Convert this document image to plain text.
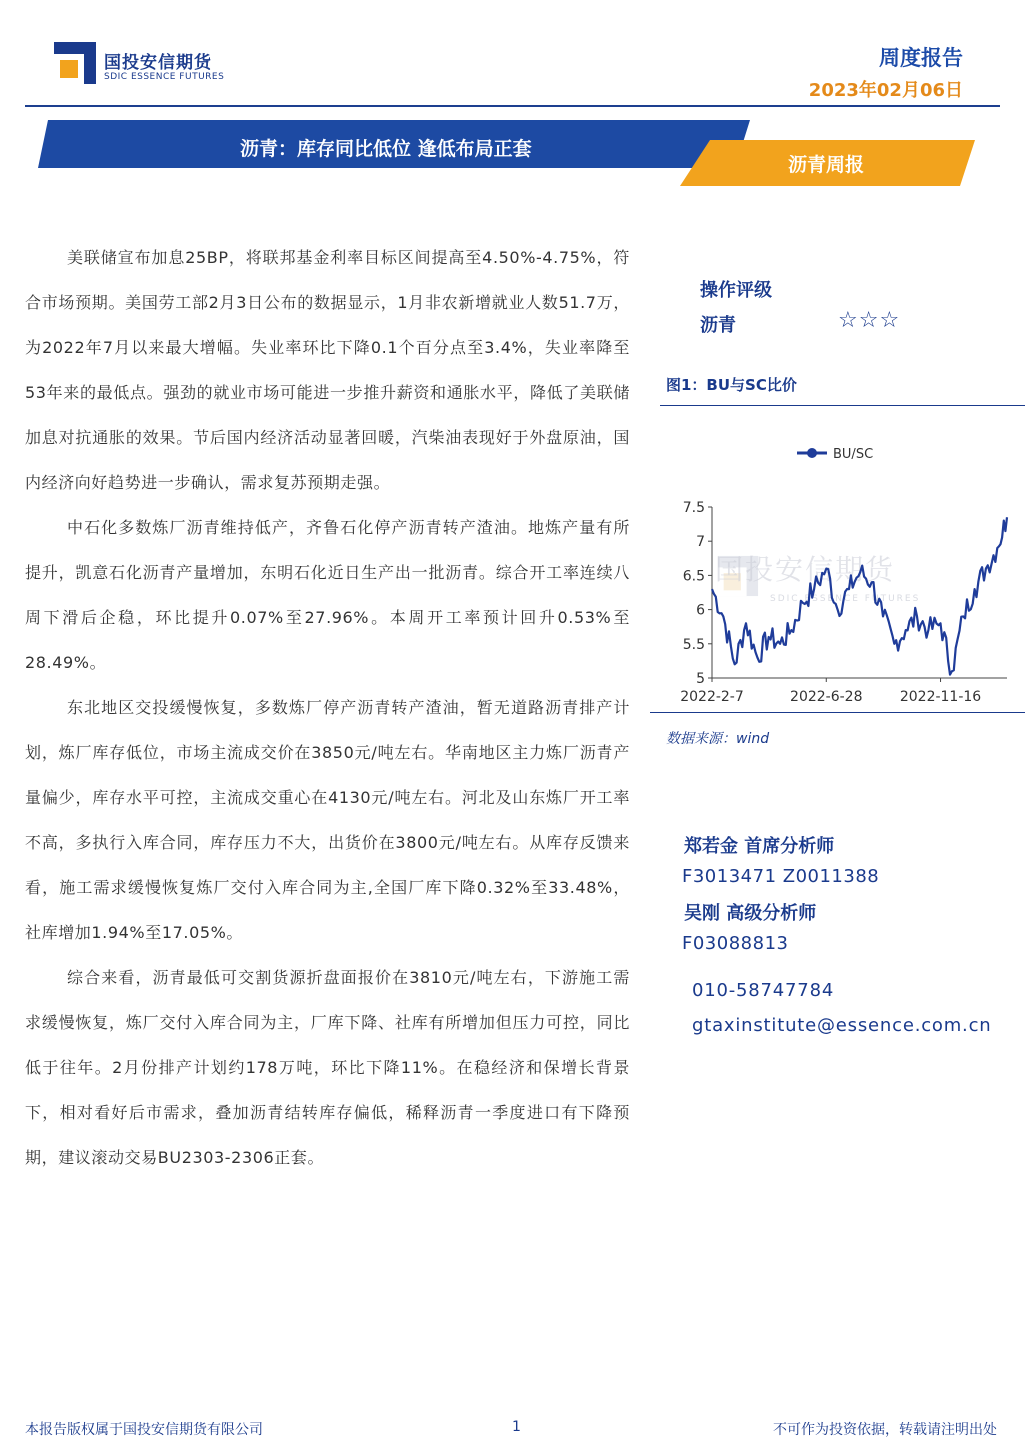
国投安信期货
SDIC ESSENCE FUTURES
周度报告
2023年02月06日
沥青：库存同比低位 逢低布局正套
沥青周报

美联储宣布加息25BP，将联邦基金利率目标区间提高至4.50%-4.75%，符合市场预期。美国劳工部2月3日公布的数据显示，1月非农新增就业人数51.7万，为2022年7月以来最大增幅。失业率环比下降0.1个百分点至3.4%，失业率降至53年来的最低点。强劲的就业市场可能进一步推升薪资和通胀水平，降低了美联储加息对抗通胀的效果。节后国内经济活动显著回暖，汽柴油表现好于外盘原油，国内经济向好趋势进一步确认，需求复苏预期走强。

中石化多数炼厂沥青维持低产，齐鲁石化停产沥青转产渣油。地炼产量有所提升，凯意石化沥青产量增加，东明石化近日生产出一批沥青。综合开工率连续八周下滑后企稳，环比提升0.07%至27.96%。本周开工率预计回升0.53%至28.49%。

东北地区交投缓慢恢复，多数炼厂停产沥青转产渣油，暂无道路沥青排产计划，炼厂库存低位，市场主流成交价在3850元/吨左右。华南地区主力炼厂沥青产量偏少，库存水平可控，主流成交重心在4130元/吨左右。河北及山东炼厂开工率不高，多执行入库合同，库存压力不大，出货价在3800元/吨左右。从库存反馈来看，施工需求缓慢恢复炼厂交付入库合同为主,全国厂库下降0.32%至33.48%，社库增加1.94%至17.05%。

综合来看，沥青最低可交割货源折盘面报价在3810元/吨左右，下游施工需求缓慢恢复，炼厂交付入库合同为主，厂库下降、社库有所增加但压力可控，同比低于往年。2月份排产计划约178万吨，环比下降11%。在稳经济和保增长背景下，相对看好后市需求，叠加沥青结转库存偏低，稀释沥青一季度进口有下降预期，建议滚动交易BU2303-2306正套。

操作评级
沥青	☆☆☆
图1：BU与SC比价
国投安信期货
SDIC ESSENCE FUTURES
BU/SC
5
5.5
6
6.5
7
7.5
2022-2-7	2022-6-28	2022-11-16
数据来源：wind
郑若金 首席分析师
F3013471 Z0011388
吴刚 高级分析师
F03088813
010-58747784
gtaxinstitute@essence.com.cn
本报告版权属于国投安信期货有限公司	1	不可作为投资依据，转载请注明出处
